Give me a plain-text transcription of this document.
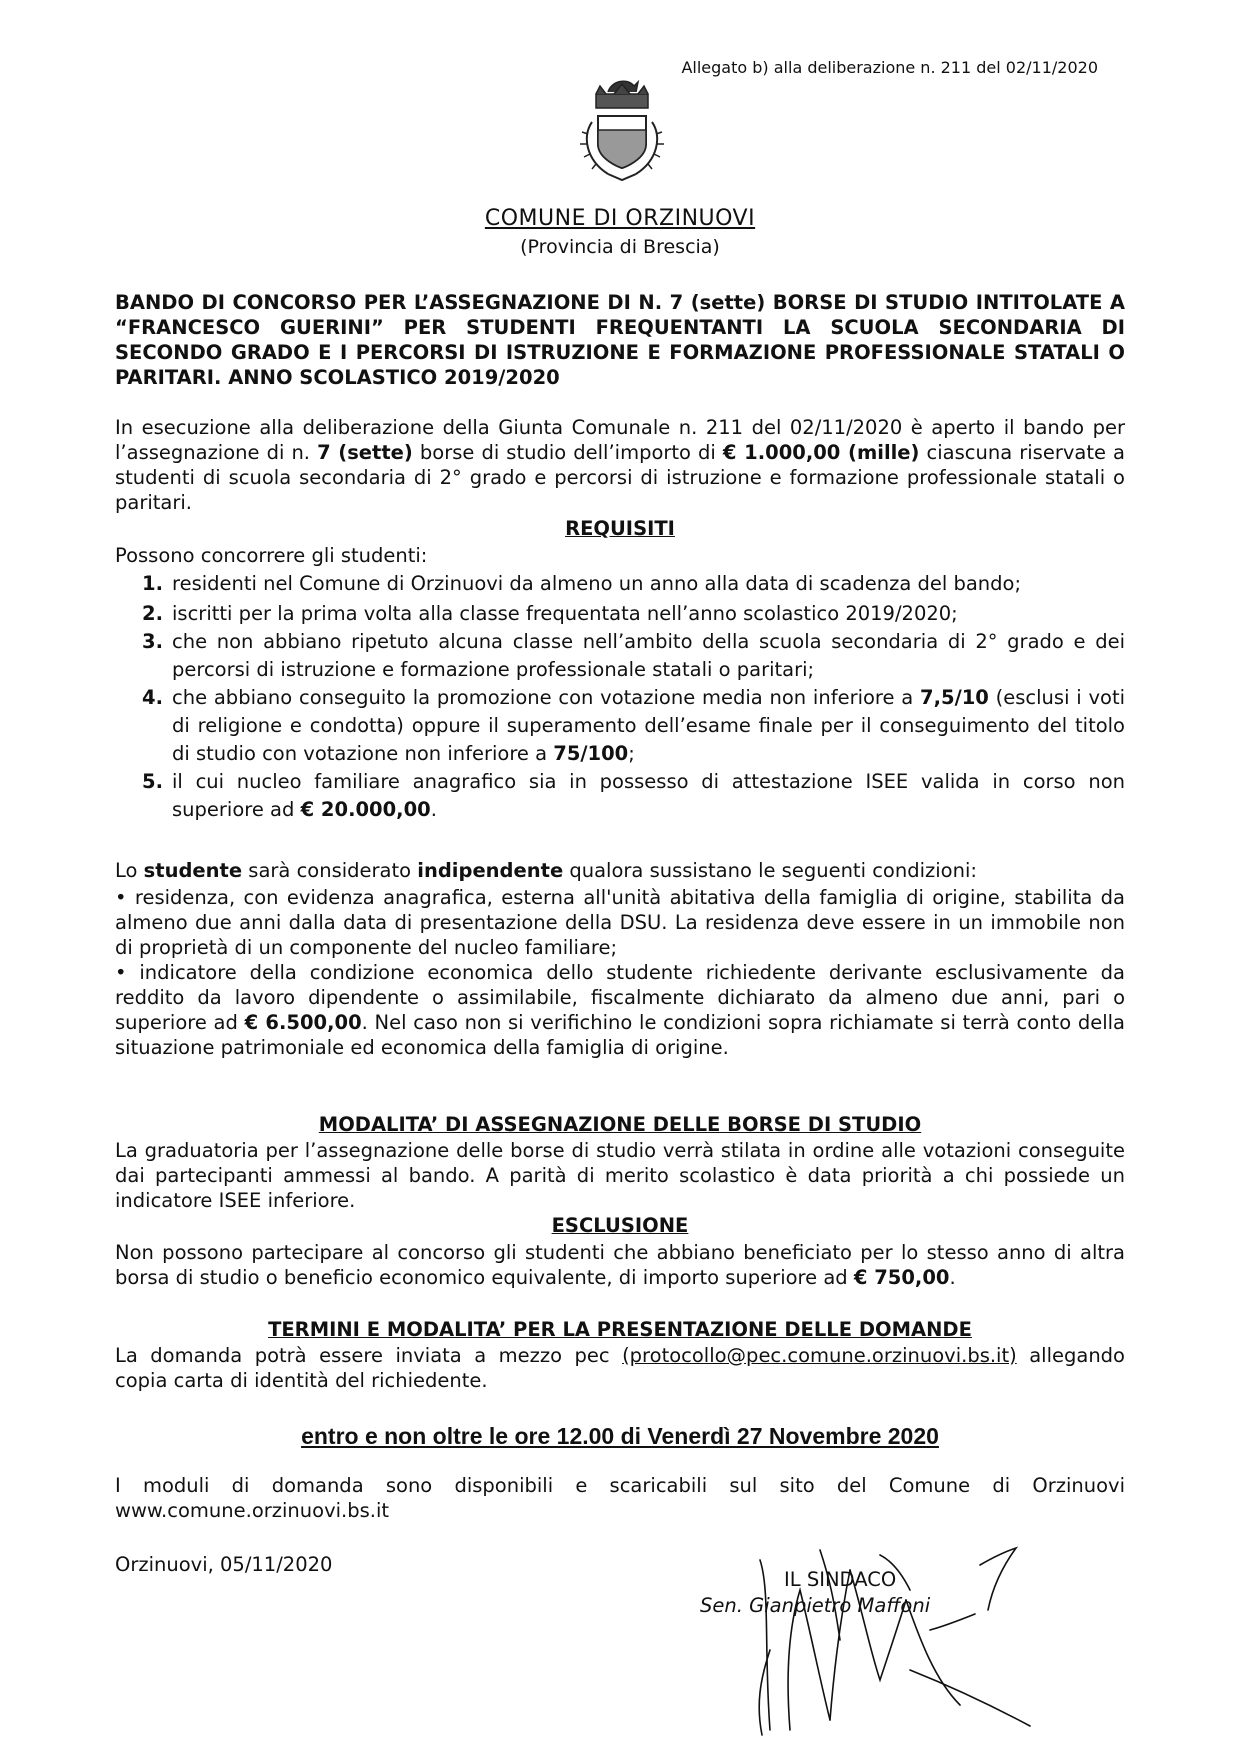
Allegato b) alla deliberazione n. 211 del 02/11/2020
COMUNE DI ORZINUOVI
(Provincia di Brescia)
BANDO DI CONCORSO PER L’ASSEGNAZIONE DI N. 7 (sette) BORSE DI STUDIO INTITOLATE A “FRANCESCO GUERINI” PER STUDENTI FREQUENTANTI LA SCUOLA SECONDARIA DI SECONDO GRADO E I PERCORSI DI ISTRUZIONE E FORMAZIONE PROFESSIONALE STATALI O PARITARI. ANNO SCOLASTICO 2019/2020
In esecuzione alla deliberazione della Giunta Comunale n. 211 del 02/11/2020 è aperto il bando per l’assegnazione di n. 7 (sette) borse di studio dell’importo di € 1.000,00 (mille) ciascuna riservate a studenti di scuola secondaria di 2° grado e percorsi di istruzione e formazione professionale statali o paritari.
REQUISITI
Possono concorrere gli studenti:
1. residenti nel Comune di Orzinuovi da almeno un anno alla data di scadenza del bando;
2. iscritti per la prima volta alla classe frequentata nell’anno scolastico 2019/2020;
3. che non abbiano ripetuto alcuna classe nell’ambito della scuola secondaria di 2° grado e dei percorsi di istruzione e formazione professionale statali o paritari;
4. che abbiano conseguito la promozione con votazione media non inferiore a 7,5/10 (esclusi i voti di religione e condotta) oppure il superamento dell’esame finale per il conseguimento del titolo di studio con votazione non inferiore a 75/100;
5. il cui nucleo familiare anagrafico sia in possesso di attestazione ISEE valida in corso non superiore ad € 20.000,00.
Lo studente sarà considerato indipendente qualora sussistano le seguenti condizioni:

• residenza, con evidenza anagrafica, esterna all'unità abitativa della famiglia di origine, stabilita da almeno due anni dalla data di presentazione della DSU. La residenza deve essere in un immobile non di proprietà di un componente del nucleo familiare;

• indicatore della condizione economica dello studente richiedente derivante esclusivamente da reddito da lavoro dipendente o assimilabile, fiscalmente dichiarato da almeno due anni, pari o superiore ad € 6.500,00. Nel caso non si verifichino le condizioni sopra richiamate si terrà conto della situazione patrimoniale ed economica della famiglia di origine.

MODALITA’ DI ASSEGNAZIONE DELLE BORSE DI STUDIO
La graduatoria per l’assegnazione delle borse di studio verrà stilata in ordine alle votazioni conseguite dai partecipanti ammessi al bando. A parità di merito scolastico è data priorità a chi possiede un indicatore ISEE inferiore.
ESCLUSIONE
Non possono partecipare al concorso gli studenti che abbiano beneficiato per lo stesso anno di altra borsa di studio o beneficio economico equivalente, di importo superiore ad € 750,00.
TERMINI E MODALITA’ PER LA PRESENTAZIONE DELLE DOMANDE
La domanda potrà essere inviata a mezzo pec (protocollo@pec.comune.orzinuovi.bs.it) allegando copia carta di identità del richiedente.
entro e non oltre le ore 12.00 di Venerdì 27 Novembre 2020
I moduli di domanda sono disponibili e scaricabili sul sito del Comune di Orzinuovi www.comune.orzinuovi.bs.it
Orzinuovi, 05/11/2020
IL SINDACO
Sen. Gianpietro Maffoni
